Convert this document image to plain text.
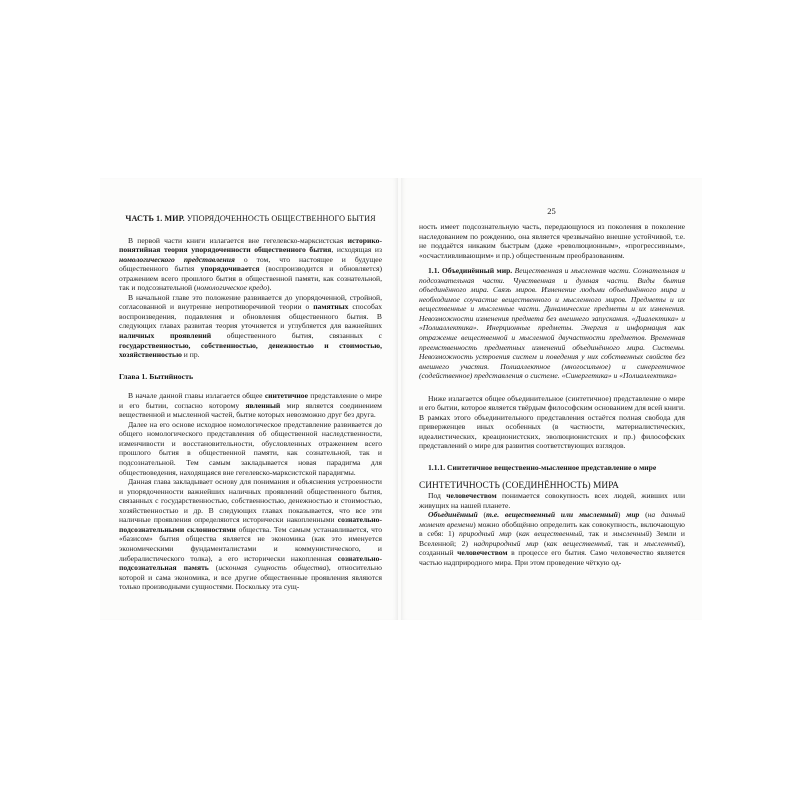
ЧАСТЬ 1. МИР. УПОРЯДОЧЕННОСТЬ ОБЩЕСТВЕННОГО БЫТИЯ

В первой части книги излагается вне гегелевско-марксистская историко-понятийная теория упорядоченности общественного бытия, исходящая из номологического представления о том, что настоящее и будущее общественного бытия упорядочивается (воспроизводится и обновляется) отражением всего прошлого бытия в общественной памяти, как сознательной, так и подсознательной (номологическое кредо).

В начальной главе это положение развивается до упорядоченной, стройной, согласованной и внутренне непротиворечивой теории о памятных способах воспроизведения, подавления и обновления общественного бытия. В следующих главах развитая теория уточняется и углубляется для важнейших наличных проявлений общественного бытия, связанных с государственностью, собственностью, денежностью и стоимостью, хозяйственностью и пр.

Глава 1. Бытийность

В начале данной главы излагается общее синтетичное представление о мире и его бытии, согласно которому явленный мир является соединением вещественной и мысленной частей, бытие которых невозможно друг без друга.

Далее на его основе исходное номологическое представление развивается до общего номологического представления об общественной наследственности, изменчивости и восстановительности, обусловленных отражением всего прошлого бытия в общественной памяти, как сознательной, так и подсознательной. Тем самым закладывается новая парадигма для обществоведения, находящаяся вне гегелевско-марксистской парадигмы.

Данная глава закладывает основу для понимания и объяснения устроенности и упорядоченности важнейших наличных проявлений общественного бытия, связанных с государственностью, собственностью, денежностью и стоимостью, хозяйственностью и др. В следующих главах показывается, что все эти наличные проявления определяются исторически накопленными сознательно-подсознательными склонностями общества. Тем самым устанавливается, что «базисом» бытия общества является не экономика (как это именуется экономическими фундаменталистами и коммунистического, и либералистического толка), а его исторически накопленная сознательно-подсознательная память (исконная сущность общества), относительно которой и сама экономика, и все другие общественные проявления являются только производными сущностями. Поскольку эта сущ-

25

ность имеет подсознательную часть, передающуюся из поколения в поколение наследованием по рождению, она является чрезвычайно внешне устойчивой, т.е. не поддаётся никаким быстрым (даже «революционным», «прогрессивным», «осчастливливающим» и пр.) общественным преобразованиям.

1.1. Объединённый мир. Вещественная и мысленная части. Сознательная и подсознательная части. Чувственная и думная части. Виды бытия объединённого мира. Связь миров. Изменение людьми объединённого мира и необходимое соучастие вещественного и мысленного миров. Предметы и их вещественные и мысленные части. Динамические предметы и их изменения. Невозможности изменения предмета без внешнего запускания. «Диалектика» и «Полиаллектика». Инерционные предметы. Энергия и информация как отражение вещественной и мысленной двучастности предметов. Временная преемственность предметных изменений объединённого мира. Системы. Невозможность устроения систем и поведения у них собственных свойств без внешнего участия. Полиаллектное (многосильное) и синергетичное (содейственное) представления о системе. «Синергетика» и «Полиаллектика»

Ниже излагается общее объединительное (синтетичное) представление о мире и его бытии, которое является твёрдым философским основанием для всей книги. В рамках этого объединительного представления остаётся полная свобода для приверженцев иных особенных (в частности, материалистических, идеалистических, креационистских, эволюционистских и пр.) философских представлений о мире для развития соответствующих взглядов.

1.1.1. Синтетичное вещественно-мысленное представление о мире

СИНТЕТИЧНОСТЬ (СОЕДИНЁННОСТЬ) МИРА

Под человечеством понимается совокупность всех людей, живших или живущих на нашей планете.

Объединённый (т.е. вещественный или мысленный) мир (на данный момент времени) можно обобщённо определить как совокупность, включающую в себя: 1) природный мир (как вещественный, так и мысленный) Земли и Вселенной; 2) надприродный мир (как вещественный, так и мысленный), созданный человечеством в процессе его бытия. Само человечество является частью надприродного мира. При этом проведение чёткую од-
